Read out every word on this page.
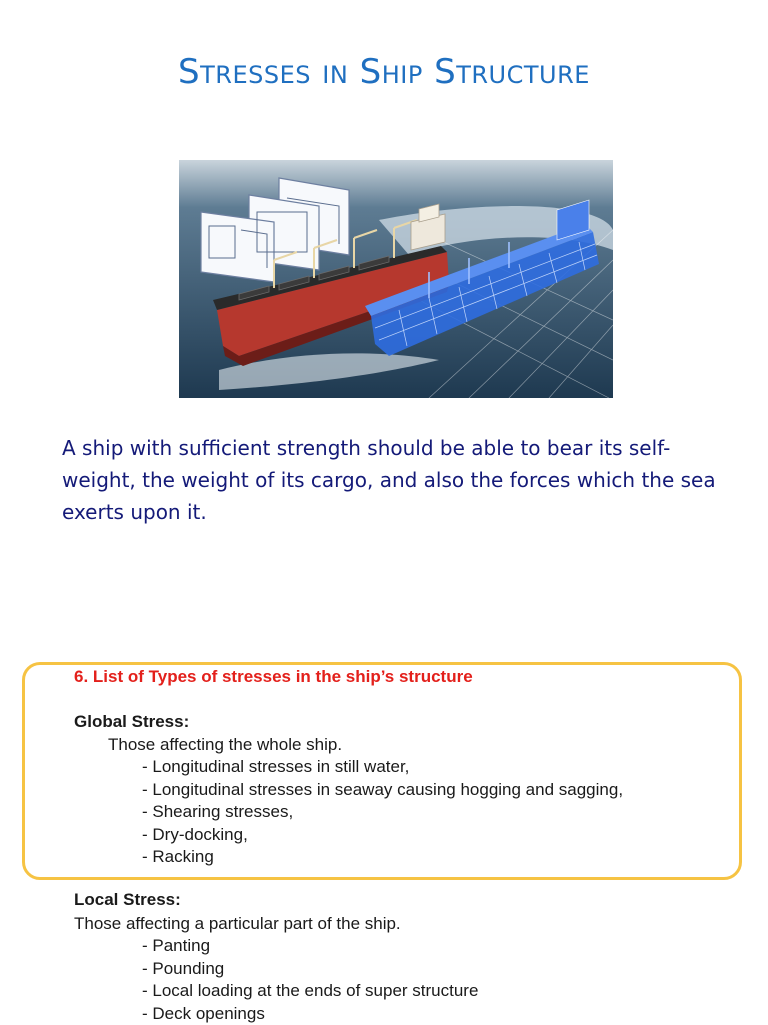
Stresses in Ship Structure
A ship with sufficient strength should be able to bear its self-weight, the weight of its cargo, and also the forces which the sea exerts upon it.
6. List of Types of stresses in the ship’s structure
Global Stress:
Those affecting the whole ship.
- Longitudinal stresses in still water,
- Longitudinal stresses in seaway causing hogging and sagging,
- Shearing stresses,
- Dry-docking,
- Racking
Local Stress:
Those affecting a particular part of the ship.
- Panting
- Pounding
- Local loading at the ends of super structure
- Deck openings
